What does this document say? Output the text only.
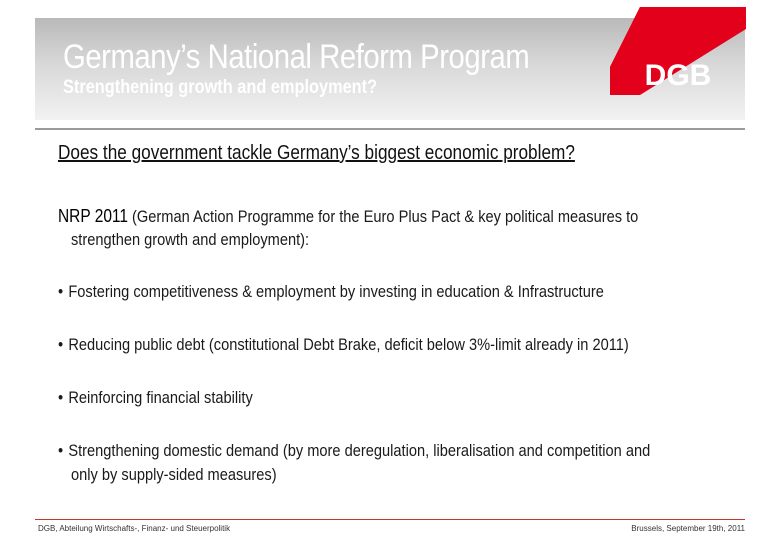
Germany’s National Reform Program
Strengthening growth and employment?	DGB
Does the government tackle Germany’s biggest economic problem?
NRP 2011 (German Action Programme for the Euro Plus Pact & key political measures to
strengthen growth and employment):
• Fostering competitiveness & employment by investing in education & Infrastructure
• Reducing public debt (constitutional Debt Brake, deficit below 3%-limit already in 2011)
• Reinforcing financial stability
• Strengthening domestic demand (by more deregulation, liberalisation and competition and
only by supply-sided measures)
DGB, Abteilung Wirtschafts-, Finanz- und Steuerpolitik	Brussels, September 19th, 2011
